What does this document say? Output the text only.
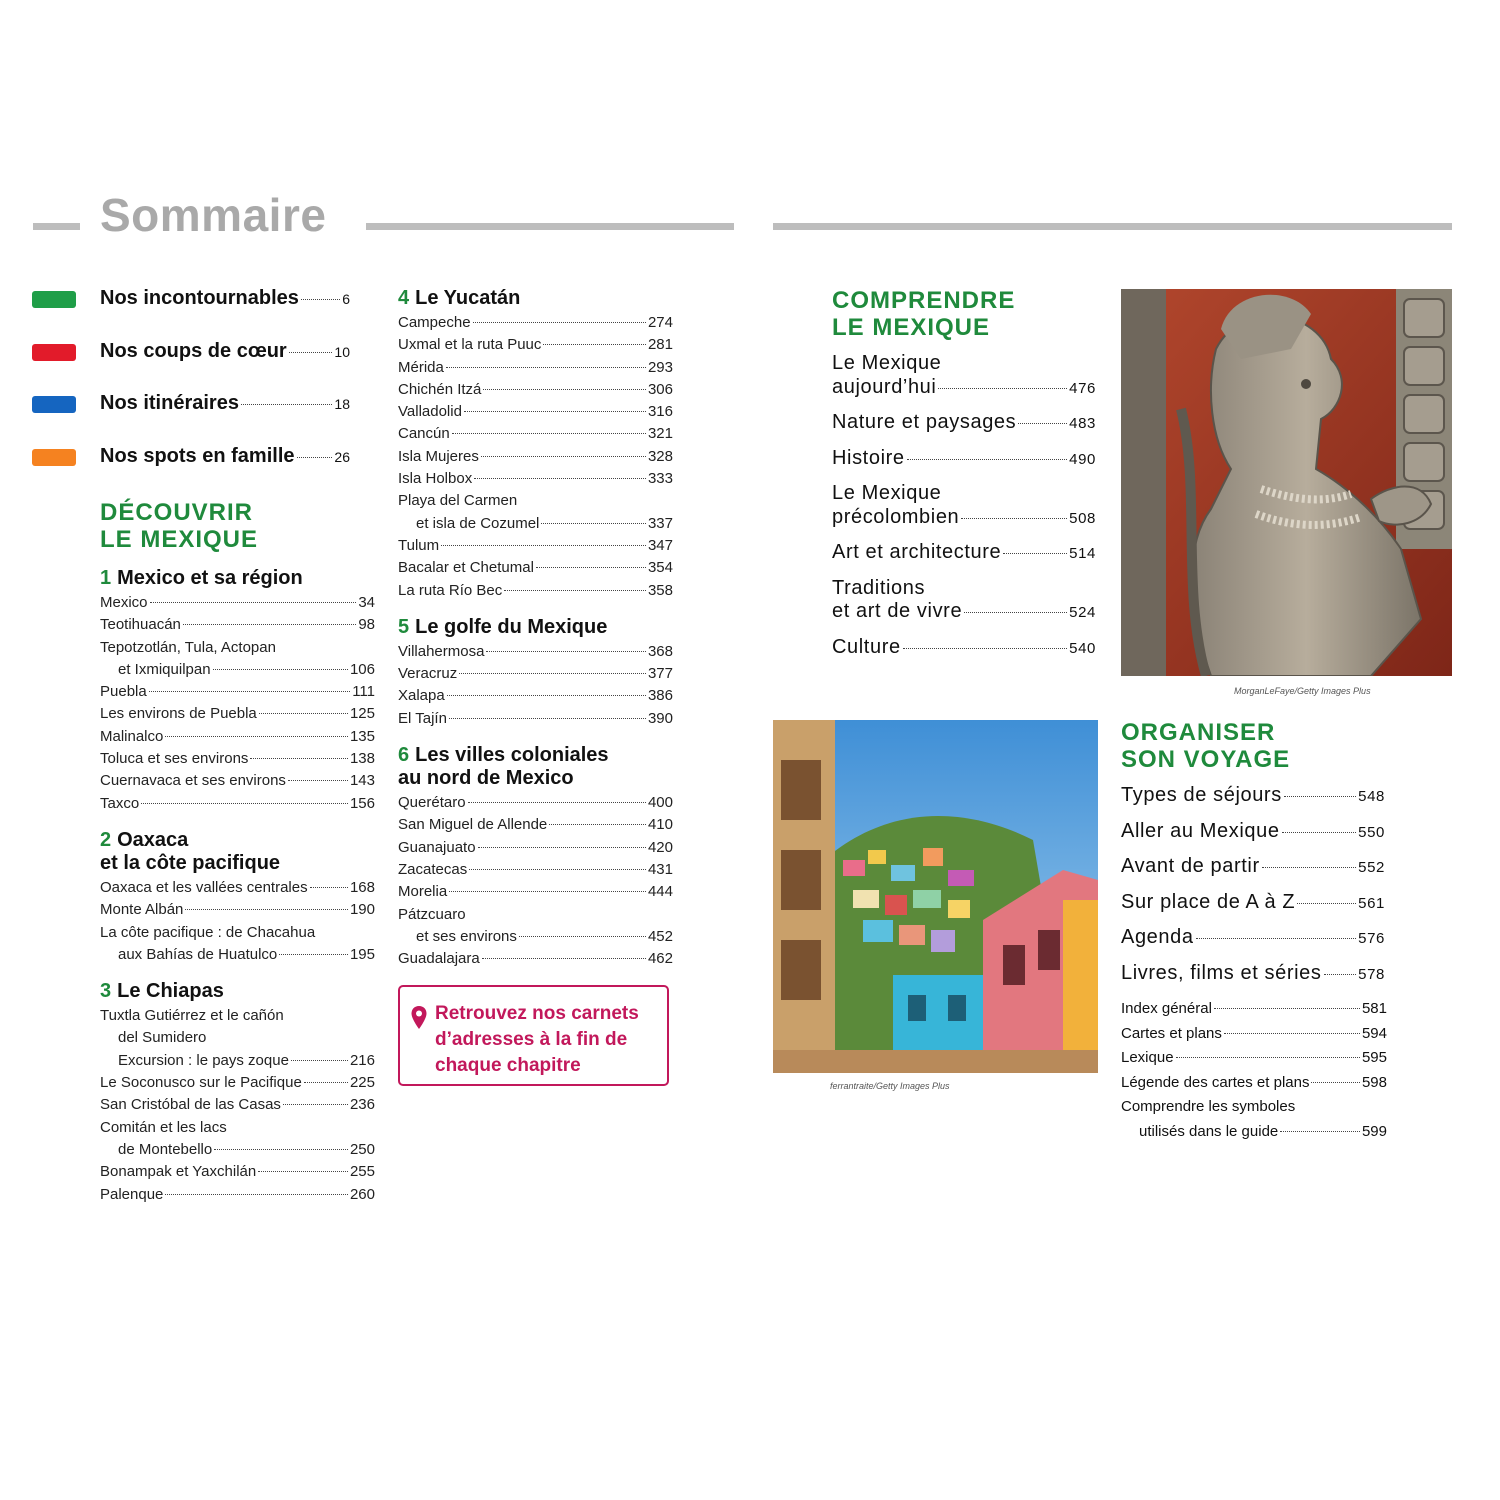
Sommaire
Nos incontournables	6
Nos coups de cœur	10
Nos itinéraires	18
Nos spots en famille	26
DÉCOUVRIR
LE MEXIQUE
1 Mexico et sa région
Mexico	34
Teotihuacán	98
Tepotzotlán, Tula, Actopan
et Ixmiquilpan	106
Puebla	111
Les environs de Puebla	125
Malinalco	135
Toluca et ses environs	138
Cuernavaca et ses environs	143
Taxco	156
2 Oaxaca
et la côte pacifique
Oaxaca et les vallées centrales	168
Monte Albán	190
La côte pacifique : de Chacahua
aux Bahías de Huatulco	195
3 Le Chiapas
Tuxtla Gutiérrez et le cañón
del Sumidero
Excursion : le pays zoque	216
Le Soconusco sur le Pacifique	225
San Cristóbal de las Casas	236
Comitán et les lacs
de Montebello	250
Bonampak et Yaxchilán	255
Palenque	260
4 Le Yucatán
Campeche	274
Uxmal et la ruta Puuc	281
Mérida	293
Chichén Itzá	306
Valladolid	316
Cancún	321
Isla Mujeres	328
Isla Holbox	333
Playa del Carmen
et isla de Cozumel	337
Tulum	347
Bacalar et Chetumal	354
La ruta Río Bec	358
5 Le golfe du Mexique
Villahermosa	368
Veracruz	377
Xalapa	386
El Tajín	390
6 Les villes coloniales
au nord de Mexico
Querétaro	400
San Miguel de Allende	410
Guanajuato	420
Zacatecas	431
Morelia	444
Pátzcuaro
et ses environs	452
Guadalajara	462
Retrouvez nos carnets d’adresses à la fin de chaque chapitre
COMPRENDRE
LE MEXIQUE
Le Mexique
aujourd’hui	476
Nature et paysages	483
Histoire	490
Le Mexique
précolombien	508
Art et architecture	514
Traditions
et art de vivre	524
Culture	540
MorganLeFaye/Getty Images Plus
ferrantraite/Getty Images Plus
ORGANISER
SON VOYAGE
Types de séjours	548
Aller au Mexique	550
Avant de partir	552
Sur place de A à Z	561
Agenda	576
Livres, films et séries 578
Index général	581
Cartes et plans	594
Lexique	595
Légende des cartes et plans	598
Comprendre les symboles
utilisés dans le guide	599
